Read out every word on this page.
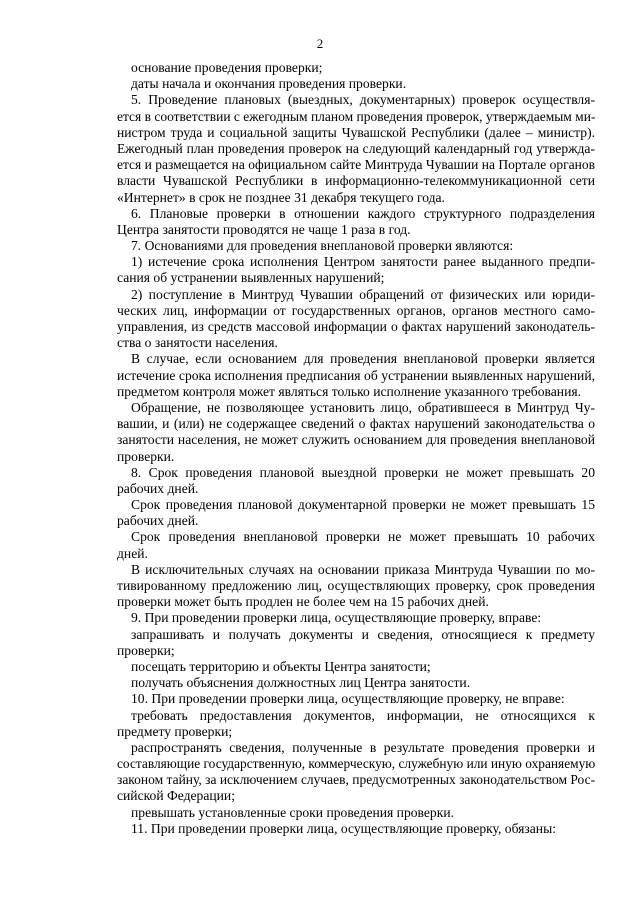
2
основание проведения проверки;
даты начала и окончания проведения проверки.
5. Проведение плановых (выездных, документарных) проверок осуществля-
ется в соответствии с ежегодным планом проведения проверок, утверждаемым ми-
нистром труда и социальной защиты Чувашской Республики (далее – министр).
Ежегодный план проведения проверок на следующий календарный год утвержда-
ется и размещается на официальном сайте Минтруда Чувашии на Портале органов
власти Чувашской Республики в информационно-телекоммуникационной сети
«Интернет» в срок не позднее 31 декабря текущего года.
6. Плановые проверки в отношении каждого структурного подразделения
Центра занятости проводятся не чаще 1 раза в год.
7. Основаниями для проведения внеплановой проверки являются:
1) истечение срока исполнения Центром занятости ранее выданного предпи-
сания об устранении выявленных нарушений;
2) поступление в Минтруд Чувашии обращений от физических или юриди-
ческих лиц, информации от государственных органов, органов местного само-
управления, из средств массовой информации о фактах нарушений законодатель-
ства о занятости населения.
В случае, если основанием для проведения внеплановой проверки является
истечение срока исполнения предписания об устранении выявленных нарушений,
предметом контроля может являться только исполнение указанного требования.
Обращение, не позволяющее установить лицо, обратившееся в Минтруд Чу-
вашии, и (или) не содержащее сведений о фактах нарушений законодательства о
занятости населения, не может служить основанием для проведения внеплановой
проверки.
8. Срок проведения плановой выездной проверки не может превышать 20
рабочих дней.
Срок проведения плановой документарной проверки не может превышать 15
рабочих дней.
Срок проведения внеплановой проверки не может превышать 10 рабочих
дней.
В исключительных случаях на основании приказа Минтруда Чувашии по мо-
тивированному предложению лиц, осуществляющих проверку, срок проведения
проверки может быть продлен не более чем на 15 рабочих дней.
9. При проведении проверки лица, осуществляющие проверку, вправе:
запрашивать и получать документы и сведения, относящиеся к предмету
проверки;
посещать территорию и объекты Центра занятости;
получать объяснения должностных лиц Центра занятости.
10. При проведении проверки лица, осуществляющие проверку, не вправе:
требовать предоставления документов, информации, не относящихся к
предмету проверки;
распространять сведения, полученные в результате проведения проверки и
составляющие государственную, коммерческую, служебную или иную охраняемую
законом тайну, за исключением случаев, предусмотренных законодательством Рос-
сийской Федерации;
превышать установленные сроки проведения проверки.
11. При проведении проверки лица, осуществляющие проверку, обязаны:
